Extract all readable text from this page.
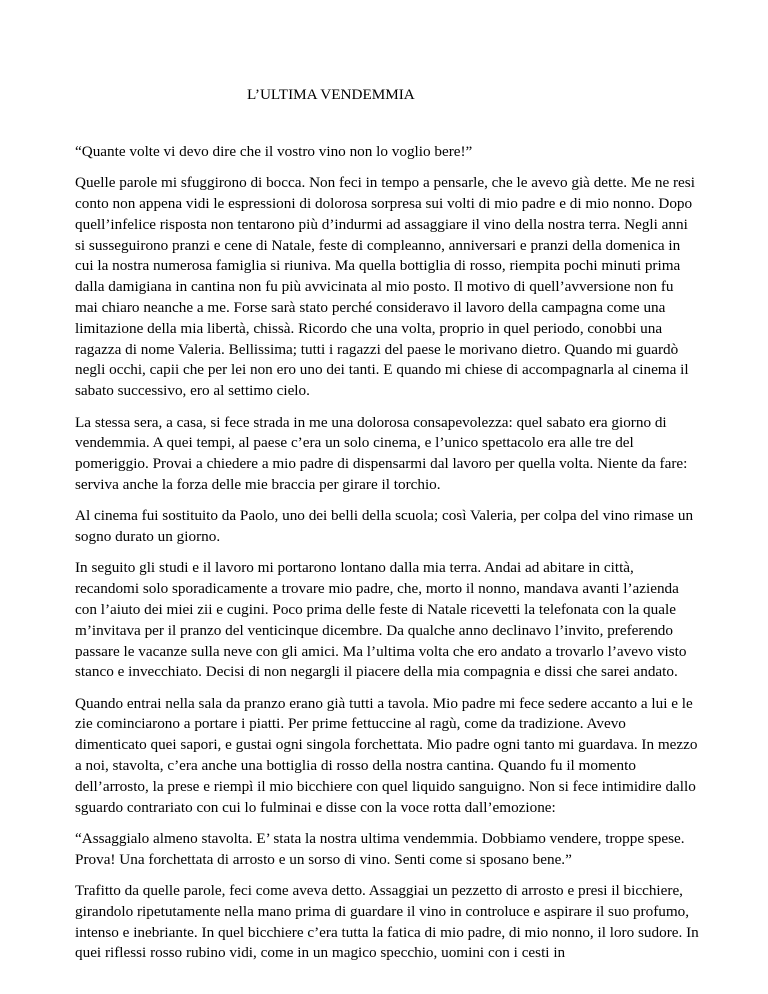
L’ULTIMA VENDEMMIA

“Quante volte vi devo dire che il vostro vino non lo voglio bere!”

Quelle parole mi sfuggirono di bocca. Non feci in tempo a pensarle, che le avevo già dette. Me ne resi conto non appena vidi le espressioni di dolorosa sorpresa sui volti di mio padre e di mio nonno. Dopo quell’infelice risposta non tentarono più d’indurmi ad assaggiare il vino della nostra terra. Negli anni si susseguirono pranzi e cene di Natale, feste di compleanno, anniversari e pranzi della domenica in cui la nostra numerosa famiglia si riuniva. Ma quella bottiglia di rosso, riempita pochi minuti prima dalla damigiana in cantina non fu più avvicinata al mio posto. Il motivo di quell’avversione non fu mai chiaro neanche a me. Forse sarà stato perché consideravo il lavoro della campagna come una limitazione della mia libertà, chissà. Ricordo che una volta, proprio in quel periodo, conobbi una ragazza di nome Valeria. Bellissima; tutti i ragazzi del paese le morivano dietro. Quando mi guardò negli occhi, capii che per lei non ero uno dei tanti. E quando mi chiese di accompagnarla al cinema il sabato successivo, ero al settimo cielo.

La stessa sera, a casa, si fece strada in me una dolorosa consapevolezza: quel sabato era giorno di vendemmia. A quei tempi, al paese c’era un solo cinema, e l’unico spettacolo era alle tre del pomeriggio. Provai a chiedere a mio padre di dispensarmi dal lavoro per quella volta. Niente da fare: serviva anche la forza delle mie braccia per girare il torchio.

Al cinema fui sostituito da Paolo, uno dei belli della scuola; così Valeria, per colpa del vino rimase un sogno durato un giorno.

In seguito gli studi e il lavoro mi portarono lontano dalla mia terra. Andai ad abitare in città, recandomi solo sporadicamente a trovare mio padre, che, morto il nonno, mandava avanti l’azienda con l’aiuto dei miei zii e cugini. Poco prima delle feste di Natale ricevetti la telefonata con la quale m’invitava per il pranzo del venticinque dicembre. Da qualche anno declinavo l’invito, preferendo passare le vacanze sulla neve con gli amici. Ma l’ultima volta che ero andato a trovarlo l’avevo visto stanco e invecchiato. Decisi di non negargli il piacere della mia compagnia e dissi che sarei andato.

Quando entrai nella sala da pranzo erano già tutti a tavola. Mio padre mi fece sedere accanto a lui e le zie cominciarono a portare i piatti. Per prime fettuccine al ragù, come da tradizione. Avevo dimenticato quei sapori, e gustai ogni singola forchettata. Mio padre ogni tanto mi guardava. In mezzo a noi, stavolta, c’era anche una bottiglia di rosso della nostra cantina. Quando fu il momento dell’arrosto, la prese e riempì il mio bicchiere con quel liquido sanguigno. Non si fece intimidire dallo sguardo contrariato con cui lo fulminai e disse con la voce rotta dall’emozione:

“Assaggialo almeno stavolta. E’ stata la nostra ultima vendemmia. Dobbiamo vendere, troppe spese. Prova! Una forchettata di arrosto e un sorso di vino. Senti come si sposano bene.”

Trafitto da quelle parole, feci come aveva detto. Assaggiai un pezzetto di arrosto e presi il bicchiere, girandolo ripetutamente nella mano prima di guardare il vino in controluce e aspirare il suo profumo, intenso e inebriante. In quel bicchiere c’era tutta la fatica di mio padre, di mio nonno, il loro sudore. In quei riflessi rosso rubino vidi, come in un magico specchio, uomini con i cesti in
